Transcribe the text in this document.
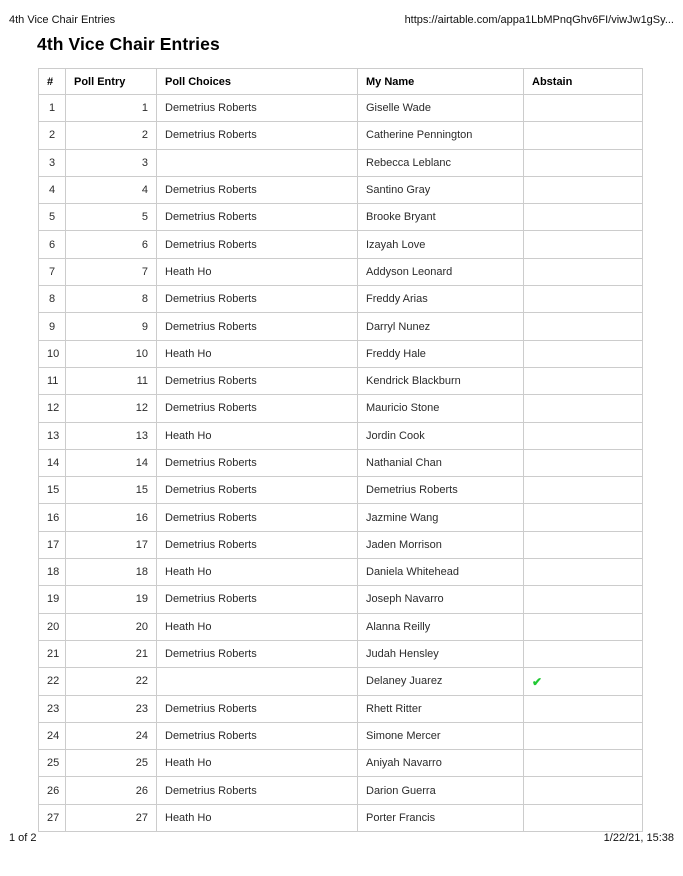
4th Vice Chair Entries	https://airtable.com/appa1LbMPnqGhv6FI/viwJw1gSy...
4th Vice Chair Entries
#	Poll Entry	Poll Choices	My Name	Abstain
1	1	Demetrius Roberts	Giselle Wade	
2	2	Demetrius Roberts	Catherine Pennington	
3	3		Rebecca Leblanc	
4	4	Demetrius Roberts	Santino Gray	
5	5	Demetrius Roberts	Brooke Bryant	
6	6	Demetrius Roberts	Izayah Love	
7	7	Heath Ho	Addyson Leonard	
8	8	Demetrius Roberts	Freddy Arias	
9	9	Demetrius Roberts	Darryl Nunez	
10	10	Heath Ho	Freddy Hale	
11	11	Demetrius Roberts	Kendrick Blackburn	
12	12	Demetrius Roberts	Mauricio Stone	
13	13	Heath Ho	Jordin Cook	
14	14	Demetrius Roberts	Nathanial Chan	
15	15	Demetrius Roberts	Demetrius Roberts	
16	16	Demetrius Roberts	Jazmine Wang	
17	17	Demetrius Roberts	Jaden Morrison	
18	18	Heath Ho	Daniela Whitehead	
19	19	Demetrius Roberts	Joseph Navarro	
20	20	Heath Ho	Alanna Reilly	
21	21	Demetrius Roberts	Judah Hensley	
22	22		Delaney Juarez	✔
23	23	Demetrius Roberts	Rhett Ritter	
24	24	Demetrius Roberts	Simone Mercer	
25	25	Heath Ho	Aniyah Navarro	
26	26	Demetrius Roberts	Darion Guerra	
27	27	Heath Ho	Porter Francis	
1 of 2	1/22/21, 15:38
